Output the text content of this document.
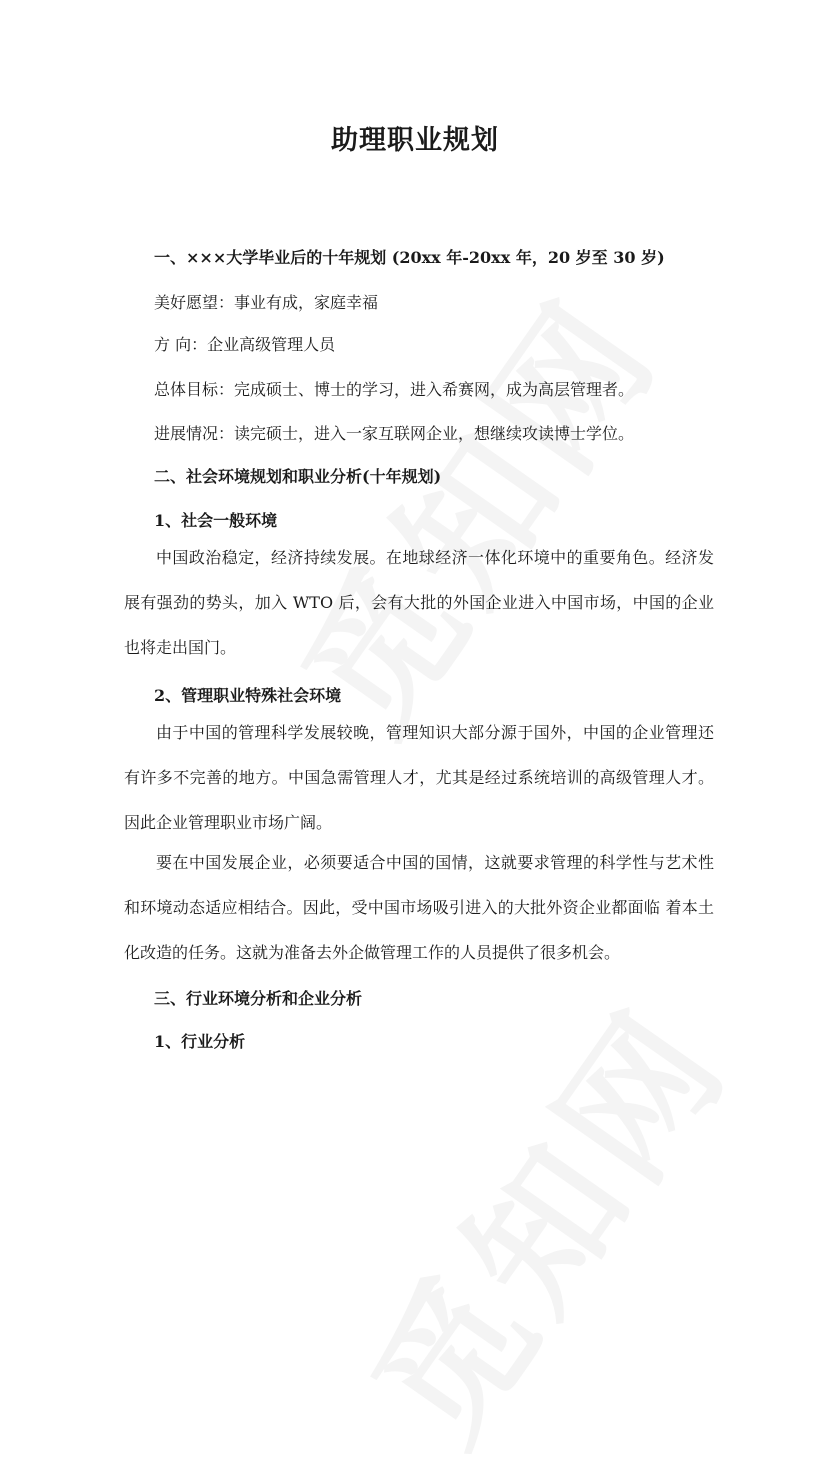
助理职业规划
一、×××大学毕业后的十年规划 (20xx 年-20xx 年，20 岁至 30 岁)
美好愿望：事业有成，家庭幸福
方 向：企业高级管理人员
总体目标：完成硕士、博士的学习，进入希赛网，成为高层管理者。
进展情况：读完硕士，进入一家互联网企业，想继续攻读博士学位。
二、社会环境规划和职业分析(十年规划)
1、社会一般环境
中国政治稳定，经济持续发展。在地球经济一体化环境中的重要角色。经济发展有强劲的势头，加入 WTO 后，会有大批的外国企业进入中国市场，中国的企业也将走出国门。
2、管理职业特殊社会环境
由于中国的管理科学发展较晚，管理知识大部分源于国外，中国的企业管理还有许多不完善的地方。中国急需管理人才，尤其是经过系统培训的高级管理人才。因此企业管理职业市场广阔。
要在中国发展企业，必须要适合中国的国情，这就要求管理的科学性与艺术性和环境动态适应相结合。因此，受中国市场吸引进入的大批外资企业都面临 着本土化改造的任务。这就为准备去外企做管理工作的人员提供了很多机会。
三、行业环境分析和企业分析
1、行业分析
